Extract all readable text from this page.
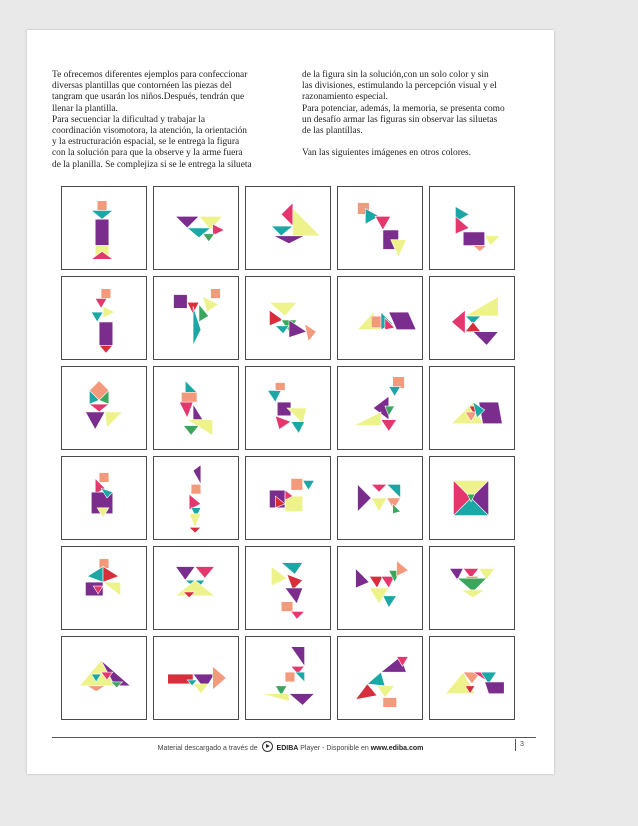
Te ofrecemos diferentes ejemplos para confeccionar

diversas plantillas que contornéen las piezas del

tangram que usarán los niños.Después, tendrán que

llenar la plantilla.

Para secuenciar la dificultad y trabajar la

coordinación visomotora, la atención, la orientación

y la estructuración espacial, se le entrega la figura

con la solución para que la observe y la arme fuera

de la planilla. Se complejiza si se le entrega la silueta

de la figura sin la solución,con un solo color y sin

las divisiones, estimulando la percepción visual y el

razonamiento especial.

Para potenciar, además, la memoria, se presenta como

un desafío armar las figuras sin observar las siluetas

de las plantillas.

Van las siguientes imágenes en otros colores.

Material descargado a través de	EDIBA Player - Disponible en www.ediba.com
3
